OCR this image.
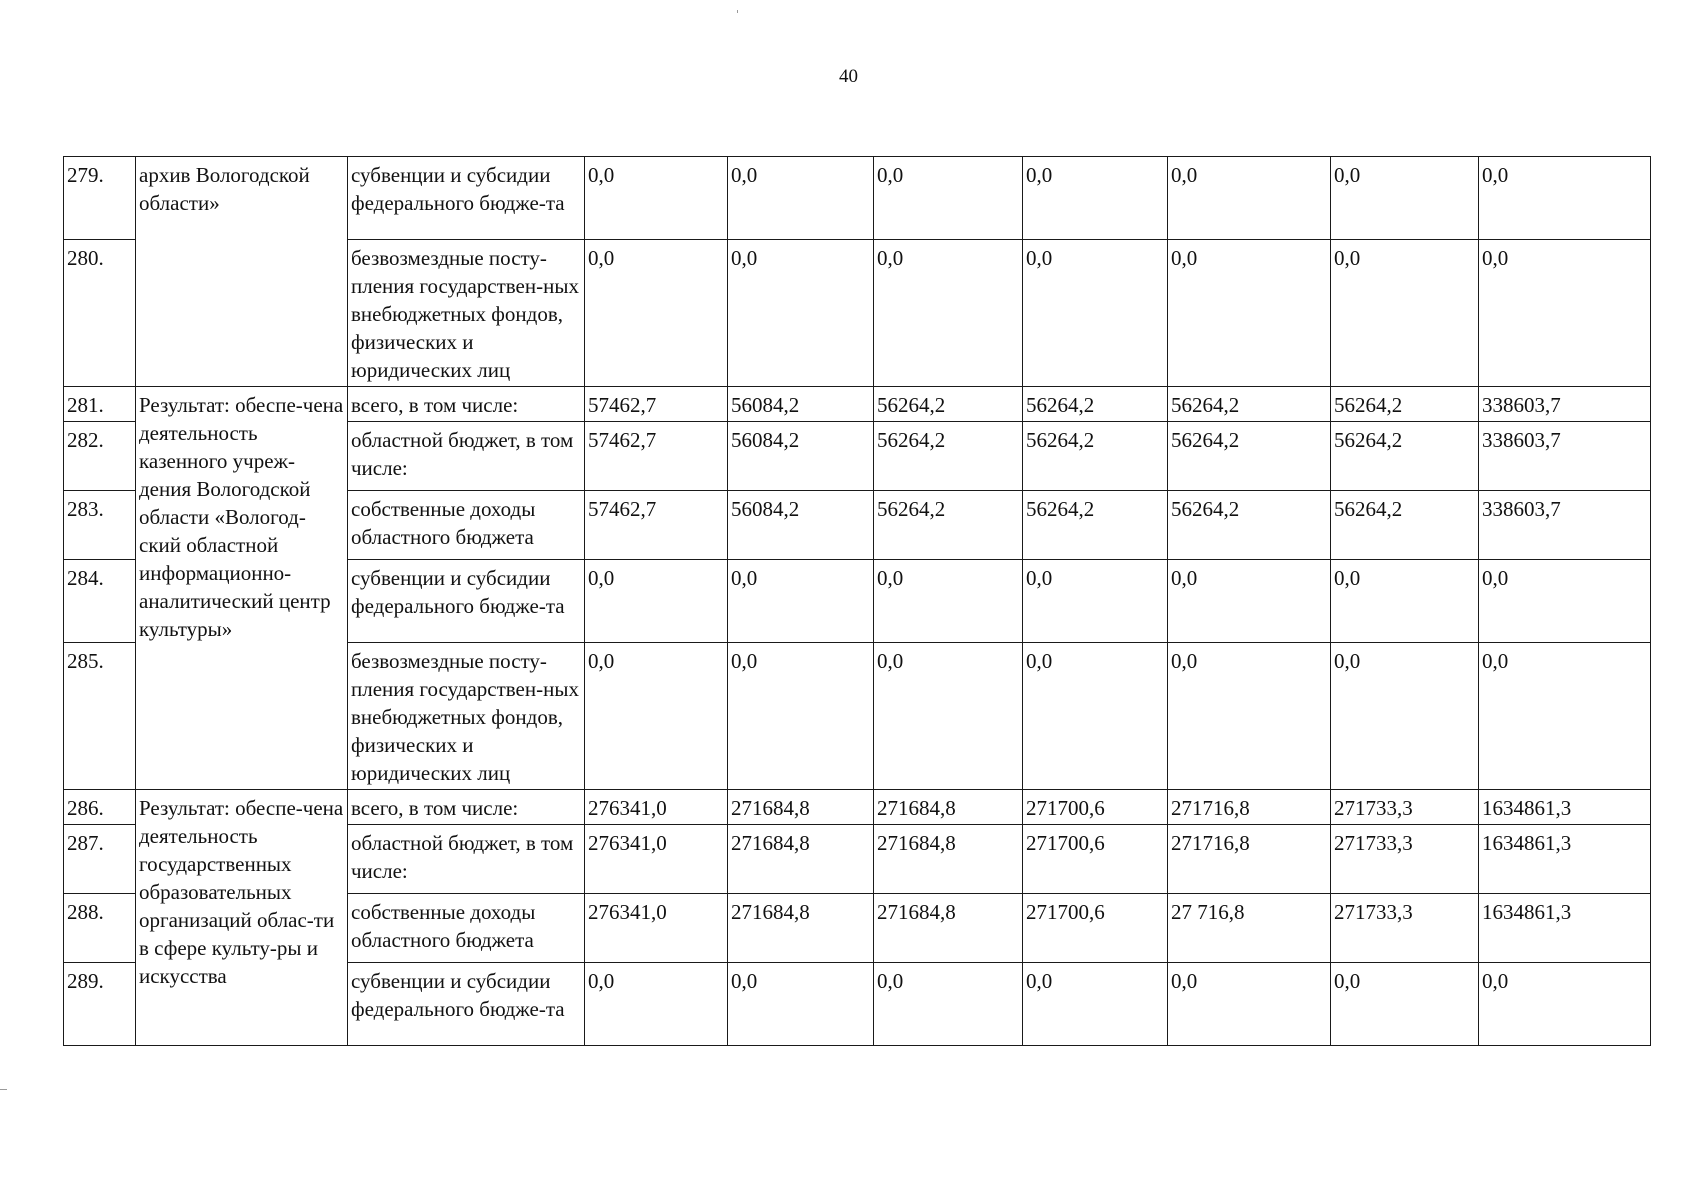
40
279.	архив Вологодской области»	субвенции и субсидии федерального бюдже-та	0,0	0,0	0,0	0,0	0,0	0,0	0,0
280.		безвозмездные посту-пления государствен-ных внебюджетных фондов, физических и юридических лиц	0,0	0,0	0,0	0,0	0,0	0,0	0,0
281.	Результат: обеспе-чена деятельность казенного учреж-дения Вологодской области «Вологод-ский областной информационно-аналитический центр культуры»	всего, в том числе:	57462,7	56084,2	56264,2	56264,2	56264,2	56264,2	338603,7
282.		областной бюджет, в том числе:	57462,7	56084,2	56264,2	56264,2	56264,2	56264,2	338603,7
283.		собственные доходы областного бюджета	57462,7	56084,2	56264,2	56264,2	56264,2	56264,2	338603,7
284.		субвенции и субсидии федерального бюдже-та	0,0	0,0	0,0	0,0	0,0	0,0	0,0
285.		безвозмездные посту-пления государствен-ных внебюджетных фондов, физических и юридических лиц	0,0	0,0	0,0	0,0	0,0	0,0	0,0
286.	Результат: обеспе-чена деятельность государственных образовательных организаций облас-ти в сфере культу-ры и искусства	всего, в том числе:	276341,0	271684,8	271684,8	271700,6	271716,8	271733,3	1634861,3
287.		областной бюджет, в том числе:	276341,0	271684,8	271684,8	271700,6	271716,8	271733,3	1634861,3
288.		собственные доходы областного бюджета	276341,0	271684,8	271684,8	271700,6	27 716,8	271733,3	1634861,3
289.		субвенции и субсидии федерального бюдже-та	0,0	0,0	0,0	0,0	0,0	0,0	0,0
